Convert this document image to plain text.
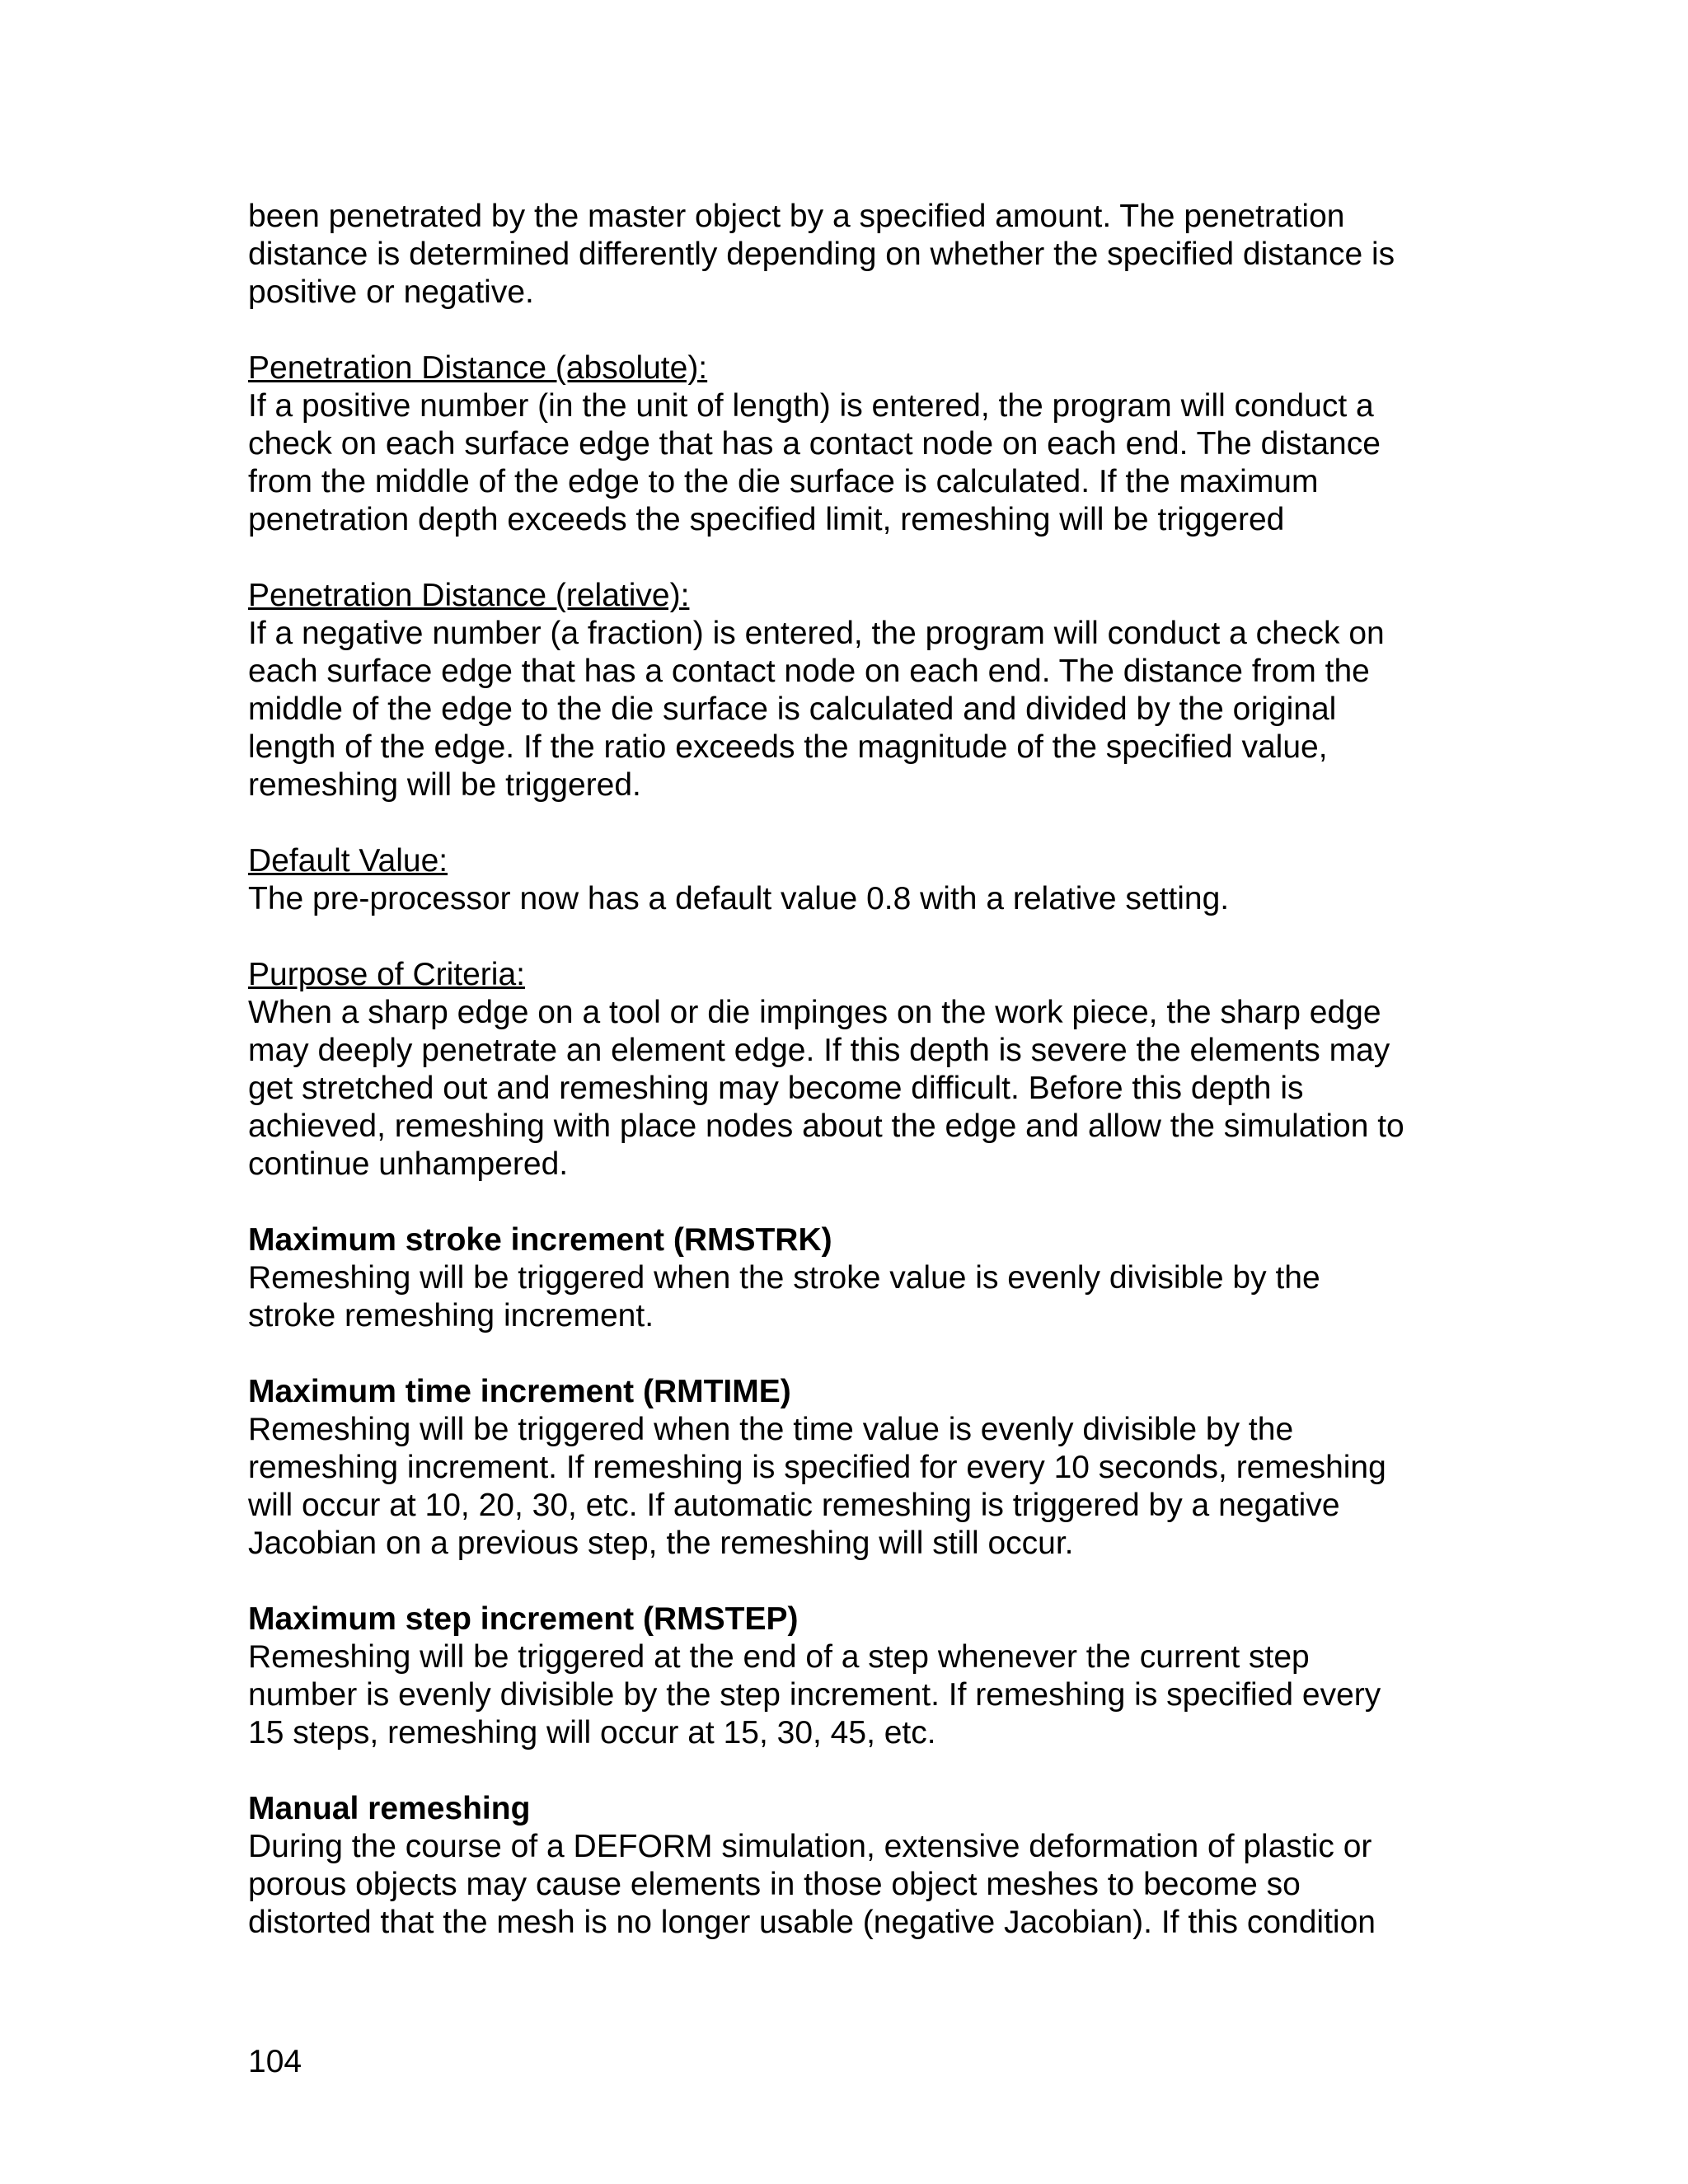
been penetrated by the master object by a specified amount. The penetration
distance is determined differently depending on whether the specified distance is
positive or negative.
Penetration Distance (absolute):
If a positive number (in the unit of length) is entered, the program will conduct a
check on each surface edge that has a contact node on each end. The distance
from the middle of the edge to the die surface is calculated. If the maximum
penetration depth exceeds the specified limit, remeshing will be triggered
Penetration Distance (relative):
If a negative number (a fraction) is entered, the program will conduct a check on
each surface edge that has a contact node on each end. The distance from the
middle of the edge to the die surface is calculated and divided by the original
length of the edge. If the ratio exceeds the magnitude of the specified value,
remeshing will be triggered.
Default Value:
The pre-processor now has a default value 0.8 with a relative setting.
Purpose of Criteria:
When a sharp edge on a tool or die impinges on the work piece, the sharp edge
may deeply penetrate an element edge. If this depth is severe the elements may
get stretched out and remeshing may become difficult. Before this depth is
achieved, remeshing with place nodes about the edge and allow the simulation to
continue unhampered.
Maximum stroke increment (RMSTRK)
Remeshing will be triggered when the stroke value is evenly divisible by the
stroke remeshing increment.
Maximum time increment (RMTIME)
Remeshing will be triggered when the time value is evenly divisible by the
remeshing increment. If remeshing is specified for every 10 seconds, remeshing
will occur at 10, 20, 30, etc. If automatic remeshing is triggered by a negative
Jacobian on a previous step, the remeshing will still occur.
Maximum step increment (RMSTEP)
Remeshing will be triggered at the end of a step whenever the current step
number is evenly divisible by the step increment. If remeshing is specified every
15 steps, remeshing will occur at 15, 30, 45, etc.
Manual remeshing
During the course of a DEFORM simulation, extensive deformation of plastic or
porous objects may cause elements in those object meshes to become so
distorted that the mesh is no longer usable (negative Jacobian). If this condition
104
